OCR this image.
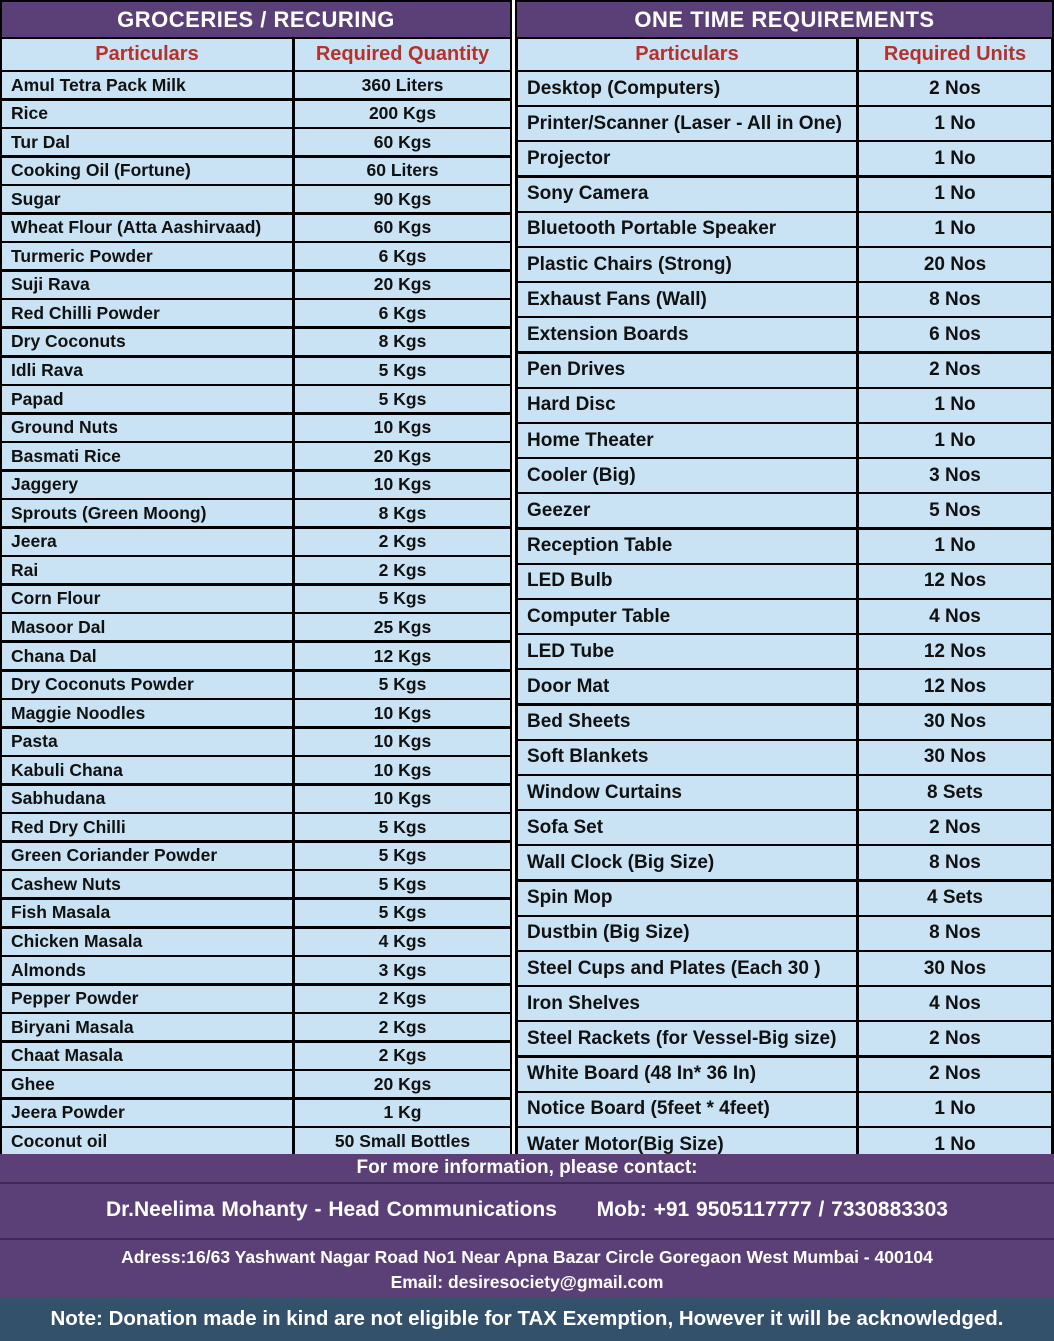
GROCERIES / RECURING
Particulars	Required Quantity
Amul Tetra Pack Milk	360 Liters
Rice	200 Kgs
Tur Dal	60 Kgs
Cooking Oil (Fortune)	60 Liters
Sugar	90 Kgs
Wheat Flour (Atta Aashirvaad)	60 Kgs
Turmeric Powder	6 Kgs
Suji Rava	20 Kgs
Red Chilli Powder	6 Kgs
Dry Coconuts	8 Kgs
Idli Rava	5 Kgs
Papad	5 Kgs
Ground Nuts	10 Kgs
Basmati Rice	20 Kgs
Jaggery	10 Kgs
Sprouts (Green Moong)	8 Kgs
Jeera	2 Kgs
Rai	2 Kgs
Corn Flour	5 Kgs
Masoor Dal	25 Kgs
Chana Dal	12 Kgs
Dry Coconuts Powder	5 Kgs
Maggie Noodles	10 Kgs
Pasta	10 Kgs
Kabuli Chana	10 Kgs
Sabhudana	10 Kgs
Red Dry Chilli	5 Kgs
Green Coriander Powder	5 Kgs
Cashew Nuts	5 Kgs
Fish Masala	5 Kgs
Chicken Masala	4 Kgs
Almonds	3 Kgs
Pepper Powder	2 Kgs
Biryani Masala	2 Kgs
Chaat Masala	2 Kgs
Ghee	20 Kgs
Jeera Powder	1 Kg
Coconut oil	50 Small Bottles
ONE TIME REQUIREMENTS
Particulars	Required Units
Desktop (Computers)	2 Nos
Printer/Scanner (Laser - All in One)	1 No
Projector	1 No
Sony Camera	1 No
Bluetooth Portable Speaker	1 No
Plastic Chairs (Strong)	20 Nos
Exhaust Fans (Wall)	8 Nos
Extension Boards	6 Nos
Pen Drives	2 Nos
Hard Disc	1 No
Home Theater	1 No
Cooler (Big)	3 Nos
Geezer	5 Nos
Reception Table	1 No
LED Bulb	12 Nos
Computer Table	4 Nos
LED Tube	12 Nos
Door Mat	12 Nos
Bed Sheets	30 Nos
Soft Blankets	30 Nos
Window Curtains	8 Sets
Sofa Set	2 Nos
Wall Clock (Big Size)	8 Nos
Spin Mop	4 Sets
Dustbin (Big Size)	8 Nos
Steel Cups and Plates (Each 30 )	30 Nos
Iron Shelves	4 Nos
Steel Rackets (for Vessel-Big size)	2 Nos
White Board (48 In* 36 In)	2 Nos
Notice Board (5feet * 4feet)	1 No
Water Motor(Big Size)	1 No
For more information, please contact:
Dr.Neelima Mohanty - Head Communications Mob: +91 9505117777 / 7330883303
Adress:16/63 Yashwant Nagar Road No1 Near Apna Bazar Circle Goregaon West Mumbai - 400104
Email: desiresociety@gmail.com
Note: Donation made in kind are not eligible for TAX Exemption, However it will be acknowledged.
